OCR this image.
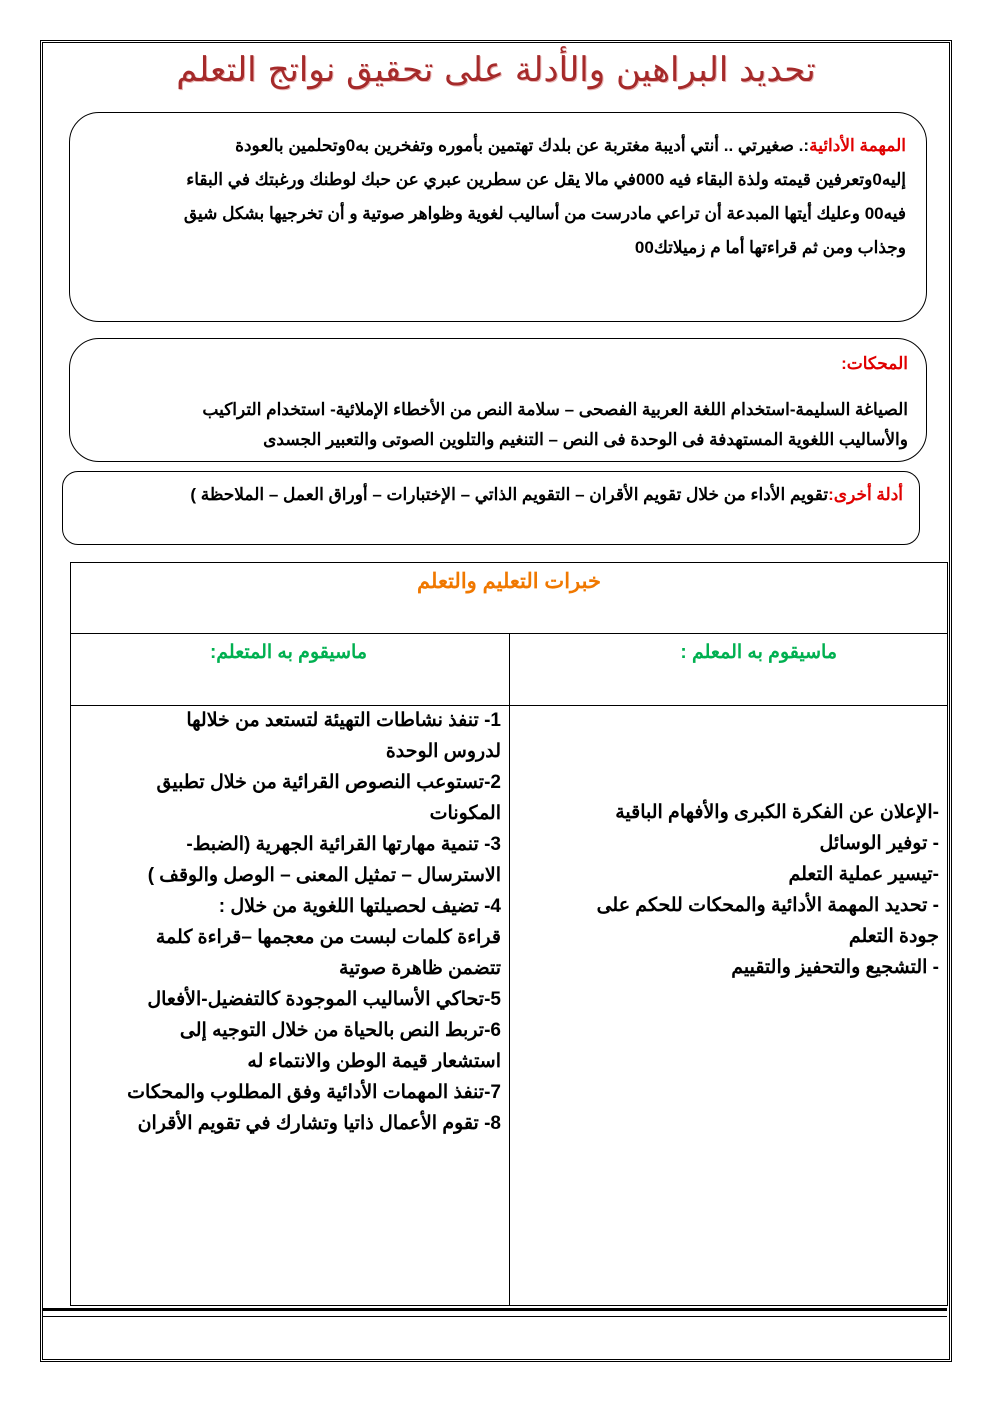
تحديد البراهين والأدلة على تحقيق نواتج التعلم
المهمة الأدائية:. صغيرتي .. أنتي أديبة مغتربة عن بلدك تهتمين بأموره وتفخرين به0وتحلمين بالعودة
إليه0وتعرفين قيمته ولذة البقاء فيه 000في مالا يقل عن سطرين عبري عن حبك لوطنك ورغبتك في البقاء
فيه00 وعليك أيتها المبدعة أن تراعي مادرست من أساليب لغوية وظواهر صوتية و أن تخرجيها بشكل شيق
وجذاب ومن ثم قراءتها أما م زميلاتك00
المحكات:
الصياغة السليمة-استخدام اللغة العربية الفصحى – سلامة النص من الأخطاء الإملائية- استخدام التراكيب
والأساليب اللغوية المستهدفة فى الوحدة فى النص – التنغيم والتلوين الصوتى والتعبير الجسدى
أدلة أخرى:تقويم الأداء من خلال تقويم الأقران – التقويم الذاتي – الإختبارات – أوراق العمل – الملاحظة )
خبرات التعليم والتعلم
ماسيقوم به المعلم :
ماسيقوم به المتعلم:
-الإعلان عن الفكرة الكبرى والأفهام الباقية
- توفير الوسائل
-تيسير عملية التعلم
- تحديد المهمة الأدائية والمحكات للحكم على
جودة التعلم
- التشجيع والتحفيز والتقييم
1- تنفذ نشاطات التهيئة لتستعد من خلالها
لدروس الوحدة
2-تستوعب النصوص القرائية من خلال تطبيق
المكونات
3- تنمية مهارتها القرائية الجهرية (الضبط-
الاسترسال – تمثيل المعنى – الوصل والوقف )
4- تضيف لحصيلتها اللغوية من خلال :
قراءة كلمات لبست من معجمها –قراءة كلمة
تتضمن ظاهرة صوتية
5-تحاكي الأساليب الموجودة كالتفضيل-الأفعال
6-تربط النص بالحياة من خلال التوجيه إلى
استشعار قيمة الوطن والانتماء له
7-تنفذ المهمات الأدائية وفق المطلوب والمحكات
8- تقوم الأعمال ذاتيا وتشارك في تقويم الأقران
